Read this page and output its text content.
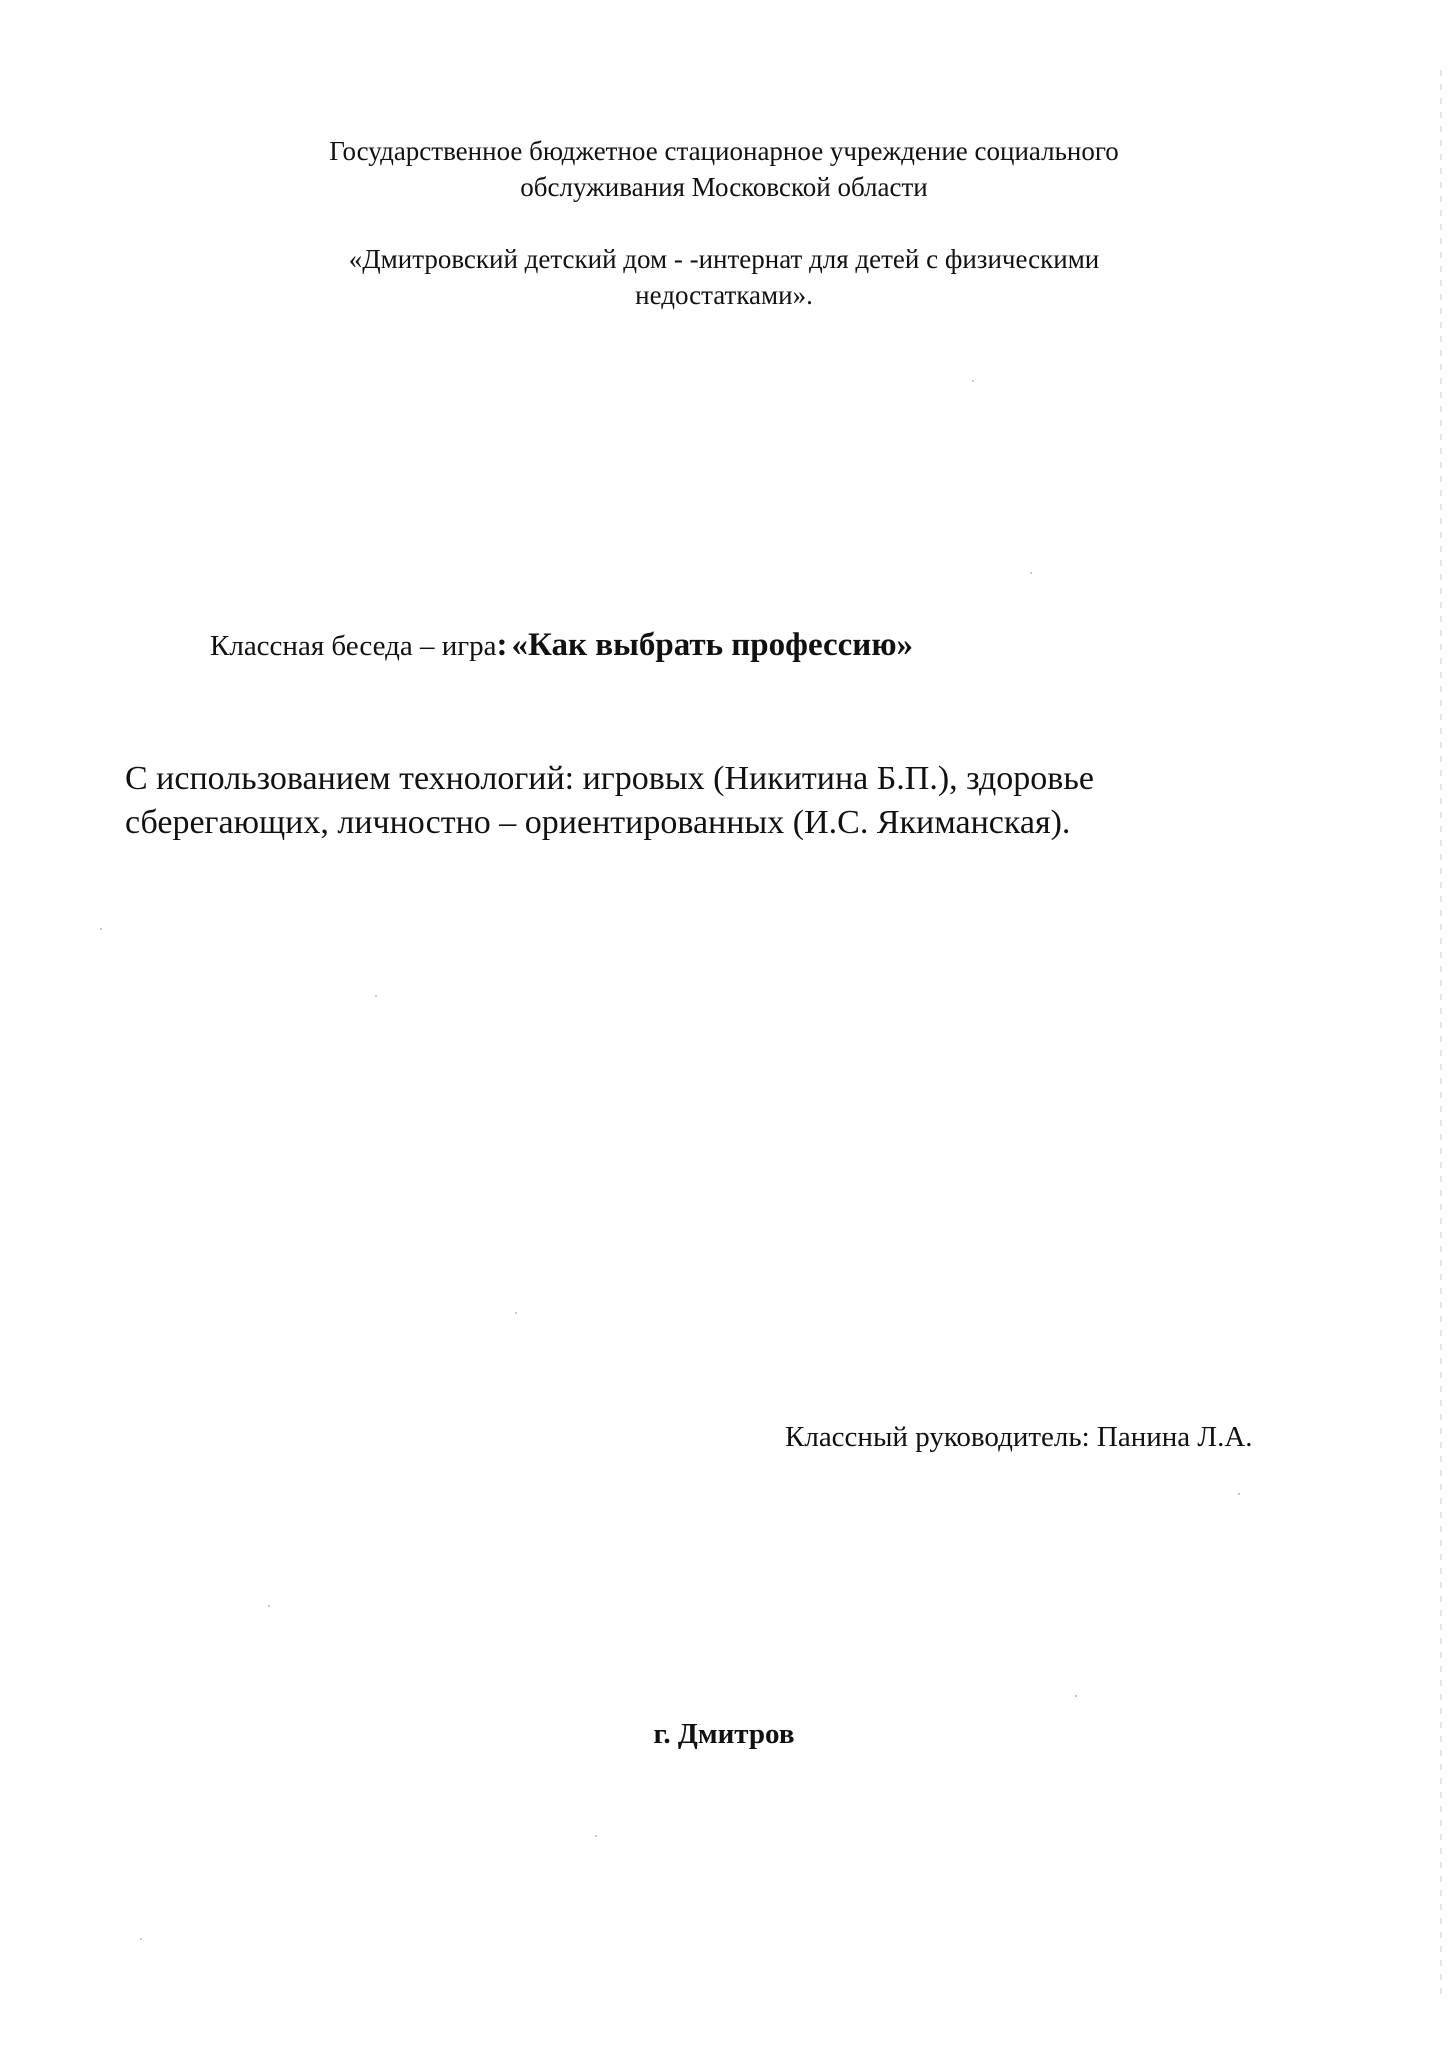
Государственное бюджетное стационарное учреждение социального
обслуживания Московской области
«Дмитровский детский дом - -интернат для детей с физическими
недостатками».
Классная беседа – игра: «Как выбрать профессию»
С использованием технологий: игровых (Никитина Б.П.), здоровье
сберегающих, личностно – ориентированных (И.С. Якиманская).
Классный руководитель: Панина Л.А.
г. Дмитров
